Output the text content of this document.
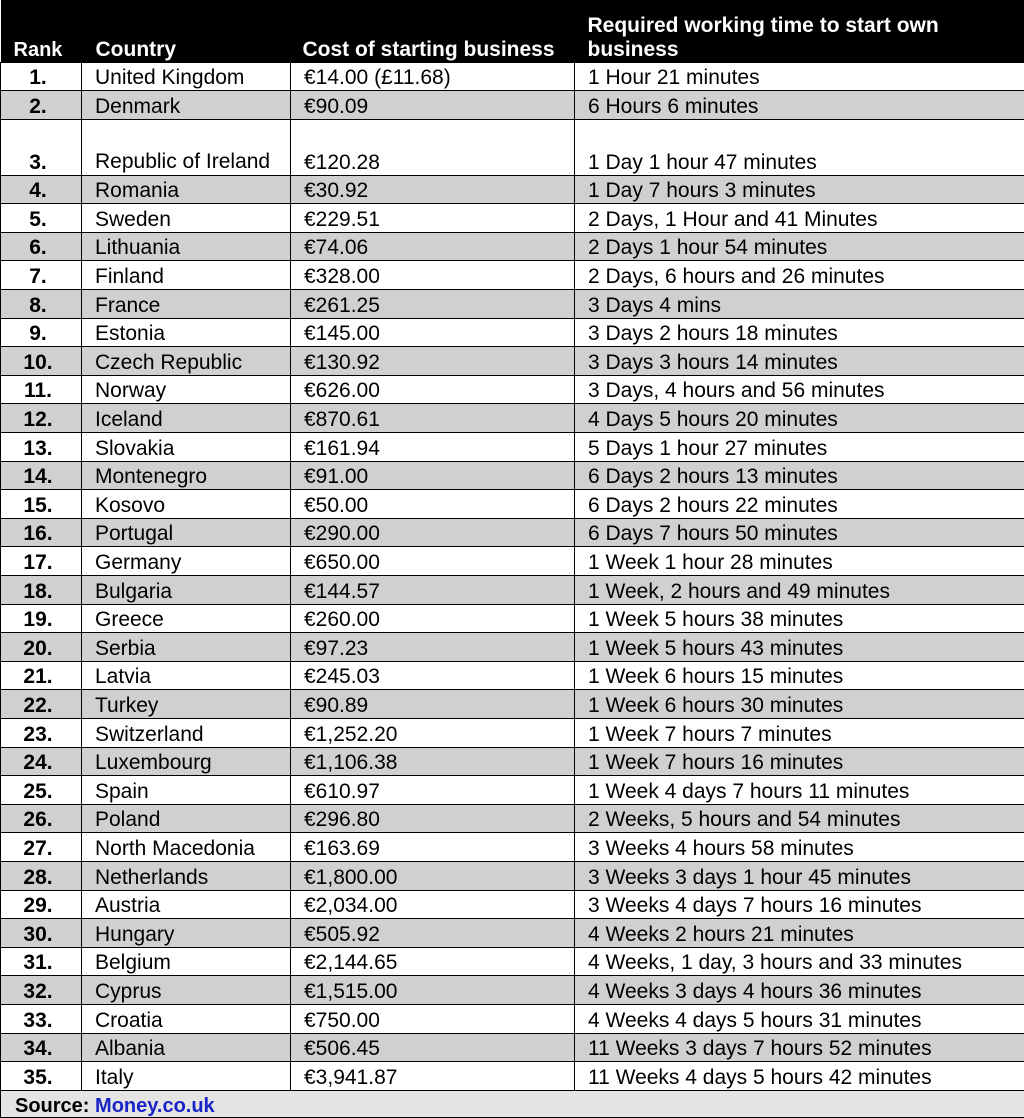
Rank	Country	Cost of starting business	Required working time to start own business
1.	United Kingdom	€14.00 (£11.68)	1 Hour 21 minutes
2.	Denmark	€90.09	6 Hours 6 minutes
3.	Republic of Ireland	€120.28	1 Day 1 hour 47 minutes
4.	Romania	€30.92	1 Day 7 hours 3 minutes
5.	Sweden	€229.51	2 Days, 1 Hour and 41 Minutes
6.	Lithuania	€74.06	2 Days 1 hour 54 minutes
7.	Finland	€328.00	2 Days, 6 hours and 26 minutes
8.	France	€261.25	3 Days 4 mins
9.	Estonia	€145.00	3 Days 2 hours 18 minutes
10.	Czech Republic	€130.92	3 Days 3 hours 14 minutes
11.	Norway	€626.00	3 Days, 4 hours and 56 minutes
12.	Iceland	€870.61	4 Days 5 hours 20 minutes
13.	Slovakia	€161.94	5 Days 1 hour 27 minutes
14.	Montenegro	€91.00	6 Days 2 hours 13 minutes
15.	Kosovo	€50.00	6 Days 2 hours 22 minutes
16.	Portugal	€290.00	6 Days 7 hours 50 minutes
17.	Germany	€650.00	1 Week 1 hour 28 minutes
18.	Bulgaria	€144.57	1 Week, 2 hours and 49 minutes
19.	Greece	€260.00	1 Week 5 hours 38 minutes
20.	Serbia	€97.23	1 Week 5 hours 43 minutes
21.	Latvia	€245.03	1 Week 6 hours 15 minutes
22.	Turkey	€90.89	1 Week 6 hours 30 minutes
23.	Switzerland	€1,252.20	1 Week 7 hours 7 minutes
24.	Luxembourg	€1,106.38	1 Week 7 hours 16 minutes
25.	Spain	€610.97	1 Week 4 days 7 hours 11 minutes
26.	Poland	€296.80	2 Weeks, 5 hours and 54 minutes
27.	North Macedonia	€163.69	3 Weeks 4 hours 58 minutes
28.	Netherlands	€1,800.00	3 Weeks 3 days 1 hour 45 minutes
29.	Austria	€2,034.00	3 Weeks 4 days 7 hours 16 minutes
30.	Hungary	€505.92	4 Weeks 2 hours 21 minutes
31.	Belgium	€2,144.65	4 Weeks, 1 day, 3 hours and 33 minutes
32.	Cyprus	€1,515.00	4 Weeks 3 days 4 hours 36 minutes
33.	Croatia	€750.00	4 Weeks 4 days 5 hours 31 minutes
34.	Albania	€506.45	11 Weeks 3 days 7 hours 52 minutes
35.	Italy	€3,941.87	11 Weeks 4 days 5 hours 42 minutes
Source: Money.co.uk			
